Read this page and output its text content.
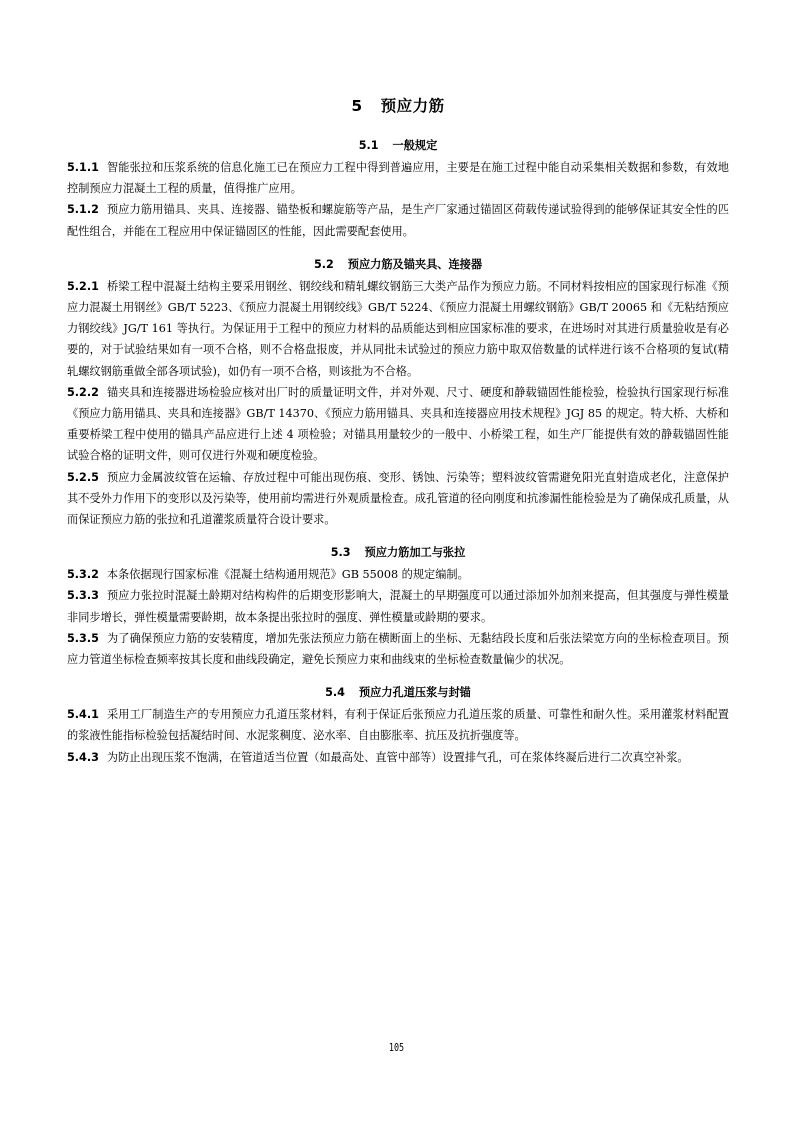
5 预应力筋
5.1 一般规定

5.1.1 智能张拉和压浆系统的信息化施工已在预应力工程中得到普遍应用，主要是在施工过程中能自动采集相关数据和参数，有效地控制预应力混凝土工程的质量，值得推广应用。

5.1.2 预应力筋用锚具、夹具、连接器、锚垫板和螺旋筋等产品，是生产厂家通过锚固区荷载传递试验得到的能够保证其安全性的匹配性组合，并能在工程应用中保证锚固区的性能，因此需要配套使用。

5.2 预应力筋及锚夹具、连接器

5.2.1 桥梁工程中混凝土结构主要采用钢丝、钢绞线和精轧螺纹钢筋三大类产品作为预应力筋。不同材料按相应的国家现行标准《预应力混凝土用钢丝》GB/T 5223、《预应力混凝土用钢绞线》GB/T 5224、《预应力混凝土用螺纹钢筋》GB/T 20065 和《无粘结预应力钢绞线》JG/T 161 等执行。为保证用于工程中的预应力材料的品质能达到相应国家标准的要求，在进场时对其进行质量验收是有必要的，对于试验结果如有一项不合格，则不合格盘报废，并从同批未试验过的预应力筋中取双倍数量的试样进行该不合格项的复试(精轧螺纹钢筋重做全部各项试验)，如仍有一项不合格，则该批为不合格。

5.2.2 锚夹具和连接器进场检验应核对出厂时的质量证明文件，并对外观、尺寸、硬度和静载锚固性能检验，检验执行国家现行标准《预应力筋用锚具、夹具和连接器》GB/T 14370、《预应力筋用锚具、夹具和连接器应用技术规程》JGJ 85 的规定。特大桥、大桥和重要桥梁工程中使用的锚具产品应进行上述 4 项检验；对锚具用量较少的一般中、小桥梁工程，如生产厂能提供有效的静载锚固性能试验合格的证明文件，则可仅进行外观和硬度检验。

5.2.5 预应力金属波纹管在运输、存放过程中可能出现伤痕、变形、锈蚀、污染等；塑料波纹管需避免阳光直射造成老化，注意保护其不受外力作用下的变形以及污染等，使用前均需进行外观质量检查。成孔管道的径向刚度和抗渗漏性能检验是为了确保成孔质量，从而保证预应力筋的张拉和孔道灌浆质量符合设计要求。

5.3 预应力筋加工与张拉

5.3.2 本条依据现行国家标准《混凝土结构通用规范》GB 55008 的规定编制。

5.3.3 预应力张拉时混凝土龄期对结构构件的后期变形影响大，混凝土的早期强度可以通过添加外加剂来提高，但其强度与弹性模量非同步增长，弹性模量需要龄期，故本条提出张拉时的强度、弹性模量或龄期的要求。

5.3.5 为了确保预应力筋的安装精度，增加先张法预应力筋在横断面上的坐标、无黏结段长度和后张法梁宽方向的坐标检查项目。预应力管道坐标检查频率按其长度和曲线段确定，避免长预应力束和曲线束的坐标检查数量偏少的状况。

5.4 预应力孔道压浆与封锚

5.4.1 采用工厂制造生产的专用预应力孔道压浆材料，有利于保证后张预应力孔道压浆的质量、可靠性和耐久性。采用灌浆材料配置的浆液性能指标检验包括凝结时间、水泥浆稠度、泌水率、自由膨胀率、抗压及抗折强度等。

5.4.3 为防止出现压浆不饱满，在管道适当位置（如最高处、直管中部等）设置排气孔，可在浆体终凝后进行二次真空补浆。

105
